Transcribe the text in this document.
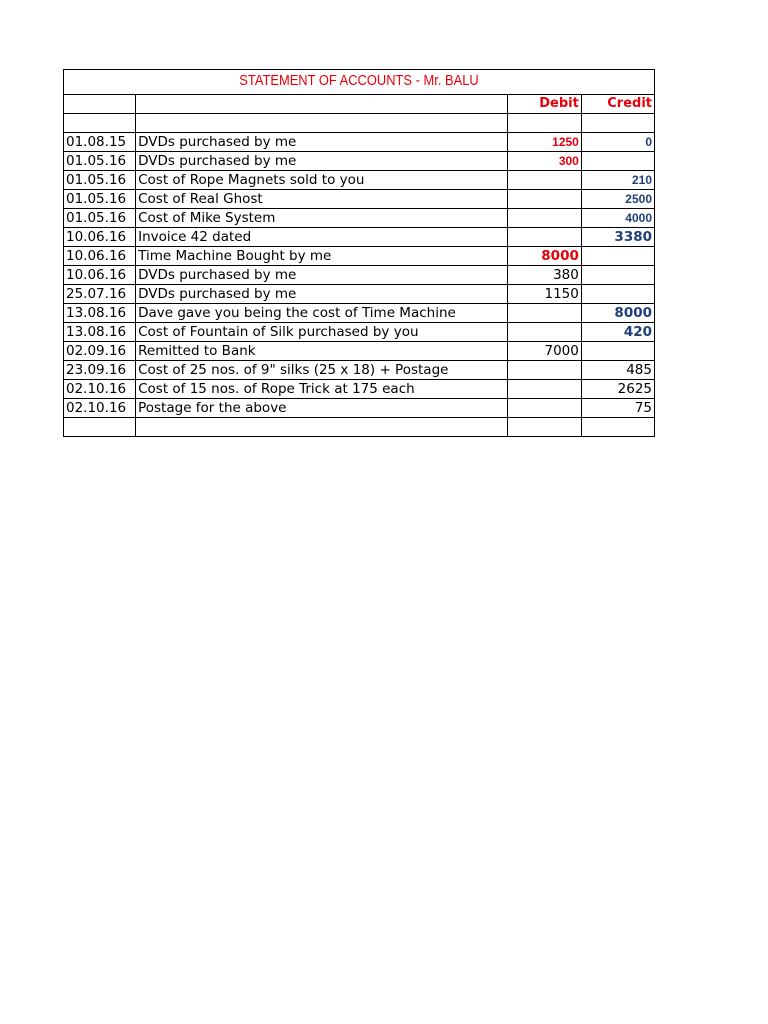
STATEMENT OF ACCOUNTS - Mr. BALU
		Debit	Credit

01.08.15	DVDs purchased by me	1250	0
01.05.16	DVDs purchased by me	300	
01.05.16	Cost of Rope Magnets sold to you		210
01.05.16	Cost of Real Ghost		2500
01.05.16	Cost of Mike System		4000
10.06.16	Invoice 42 dated		3380
10.06.16	Time Machine Bought by me	8000	
10.06.16	DVDs purchased by me	380	
25.07.16	DVDs purchased by me	1150	
13.08.16	Dave gave you being the cost of Time Machine		8000
13.08.16	Cost of Fountain of Silk purchased by you		420
02.09.16	Remitted to Bank	7000	
23.09.16	Cost of 25 nos. of 9" silks (25 x 18) + Postage		485
02.10.16	Cost of 15 nos. of Rope Trick at 175 each		2625
02.10.16	Postage for the above		75
